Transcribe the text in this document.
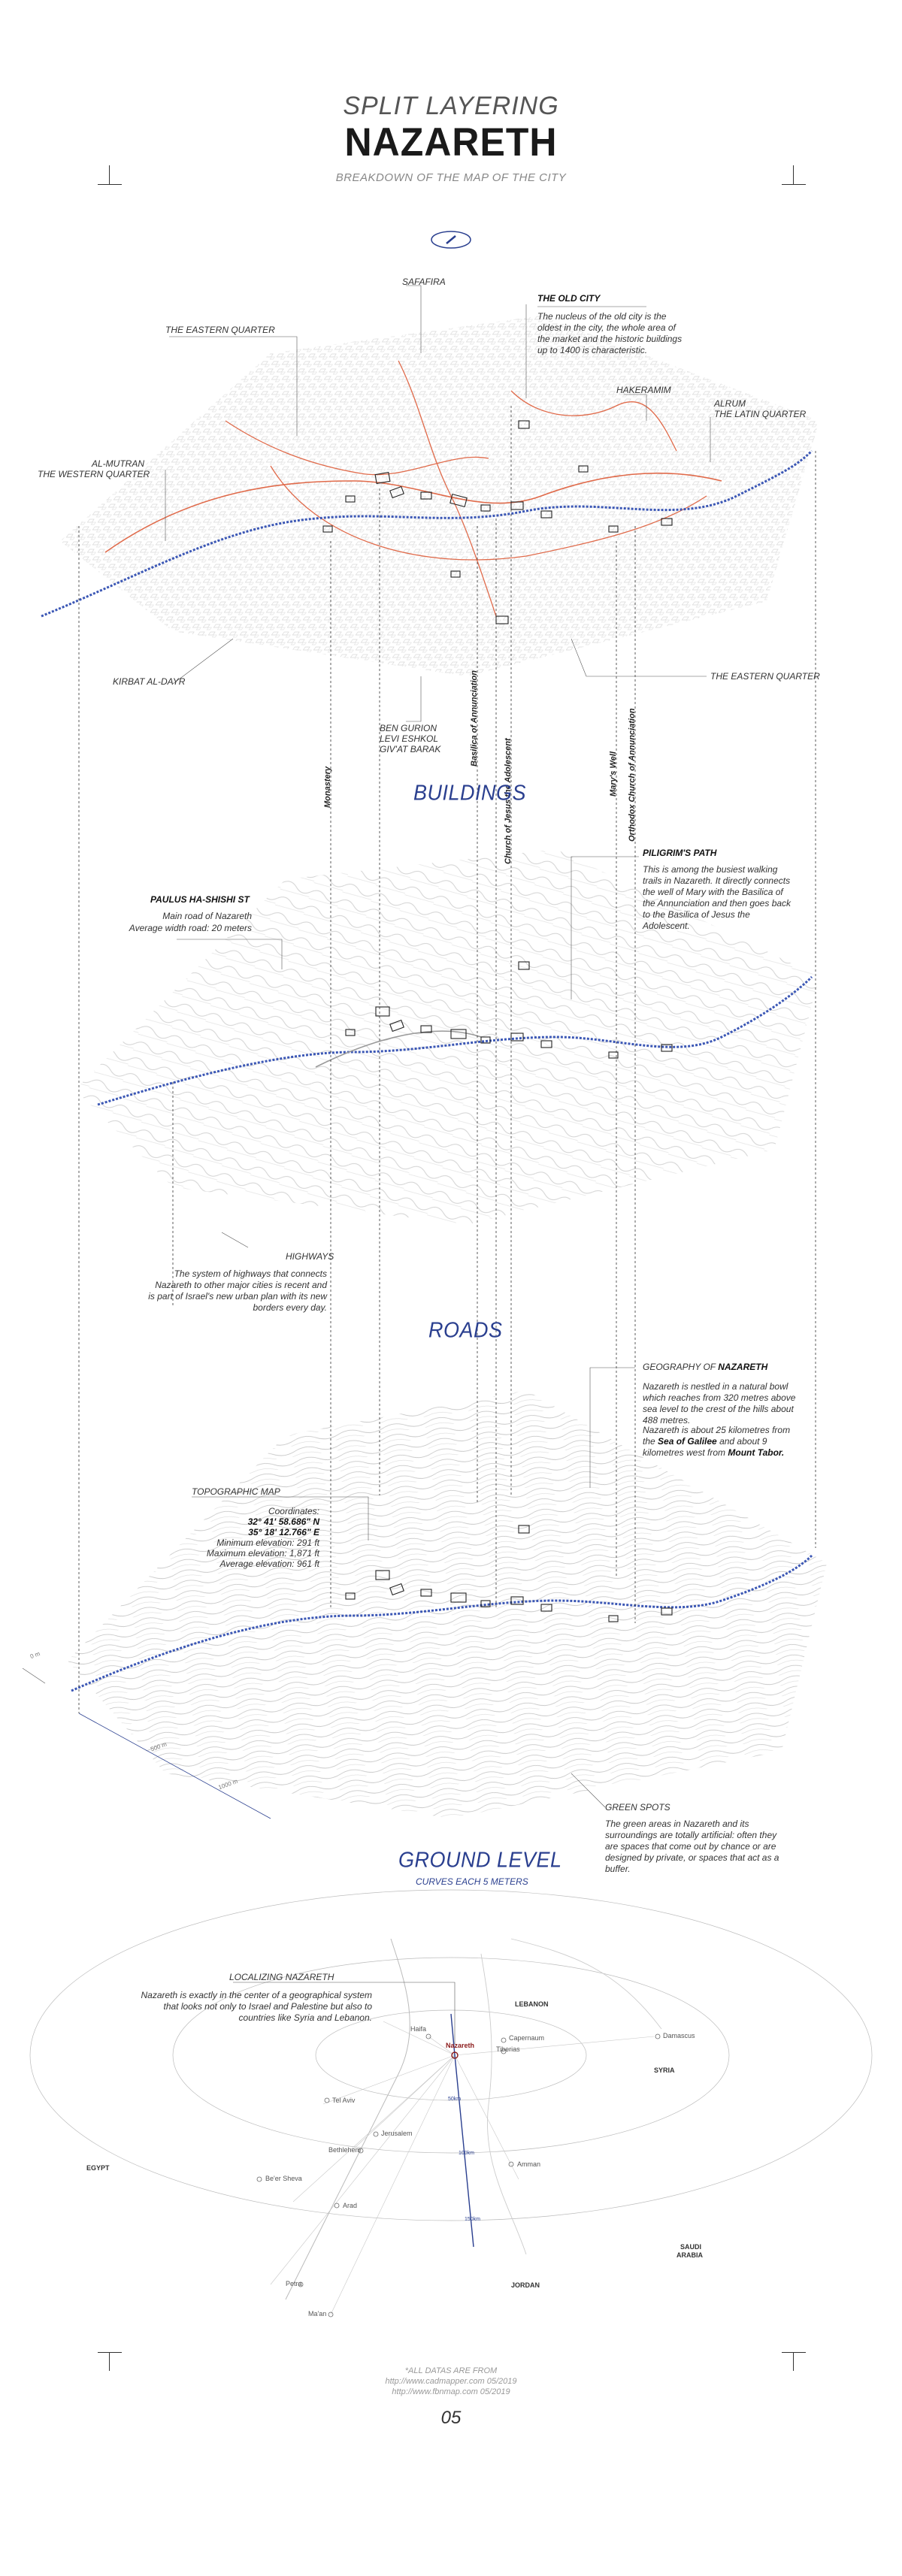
SPLIT LAYERING
NAZARETH
BREAKDOWN OF THE MAP OF THE CITY
SAFAFIRA
THE OLD CITY
The nucleus of the old city is the oldest in the city, the whole area of the market and the historic buildings up to 1400 is characteristic.
THE EASTERN QUARTER
HAKERAMIM
ALRUM
THE LATIN QUARTER
AL-MUTRAN
THE WESTERN QUARTER
KIRBAT AL-DAYR	THE EASTERN QUARTER
BEN GURION
LEVI ESHKOL
GIV'AT BARAK
Monastery
Basilica of Annunciation
Church of Jesus the Adolescent	Mary's Well Orthodox Church of Annunciation
BUILDINGS
PILIGRIM'S PATH
This is among the busiest walking trails in Nazareth. It directly connects the well of Mary with the Basilica of the Annunciation and then goes back to the Basilica of Jesus the Adolescent.
PAULUS HA-SHISHI ST
Main road of Nazareth
Average width road: 20 meters
HIGHWAYS
The system of highways that connects Nazareth to other major cities is recent and is part of Israel's new urban plan with its new borders every day.
ROADS
TOPOGRAPHIC MAP
Coordinates:
32° 41' 58.686" N
35° 18' 12.766" E
Minimum elevation: 291 ft
Maximum elevation: 1,871 ft
Average elevation: 961 ft
GEOGRAPHY OF NAZARETH
Nazareth is nestled in a natural bowl which reaches from 320 metres above sea level to the crest of the hills about 488 metres.
Nazareth is about 25 kilometres from the Sea of Galilee and about 9 kilometres west from Mount Tabor.
0 m
500 m
1000 m
GREEN SPOTS
The green areas in Nazareth and its surroundings are totally artificial: often they are spaces that come out by chance or are designed by private, or spaces that act as a buffer.
GROUND LEVEL
CURVES EACH 5 METERS
LOCALIZING NAZARETH
Nazareth is exactly in the center of a geographical system that looks not only to Israel and Palestine but also to countries like Syria and Lebanon.
Nazareth
Haifa
Capernaum
Tiberias
LEBANON
Damascus
SYRIA
Tel Aviv
Jerusalem
Bethlehem
Amman
EGYPT
Be'er Sheva
Arad
SAUDI
ARABIA
JORDAN
Petra
Ma'an
50km
100km
150km
*ALL DATAS ARE FROM
http://www.cadmapper.com 05/2019
http://www.fbnmap.com 05/2019
05
